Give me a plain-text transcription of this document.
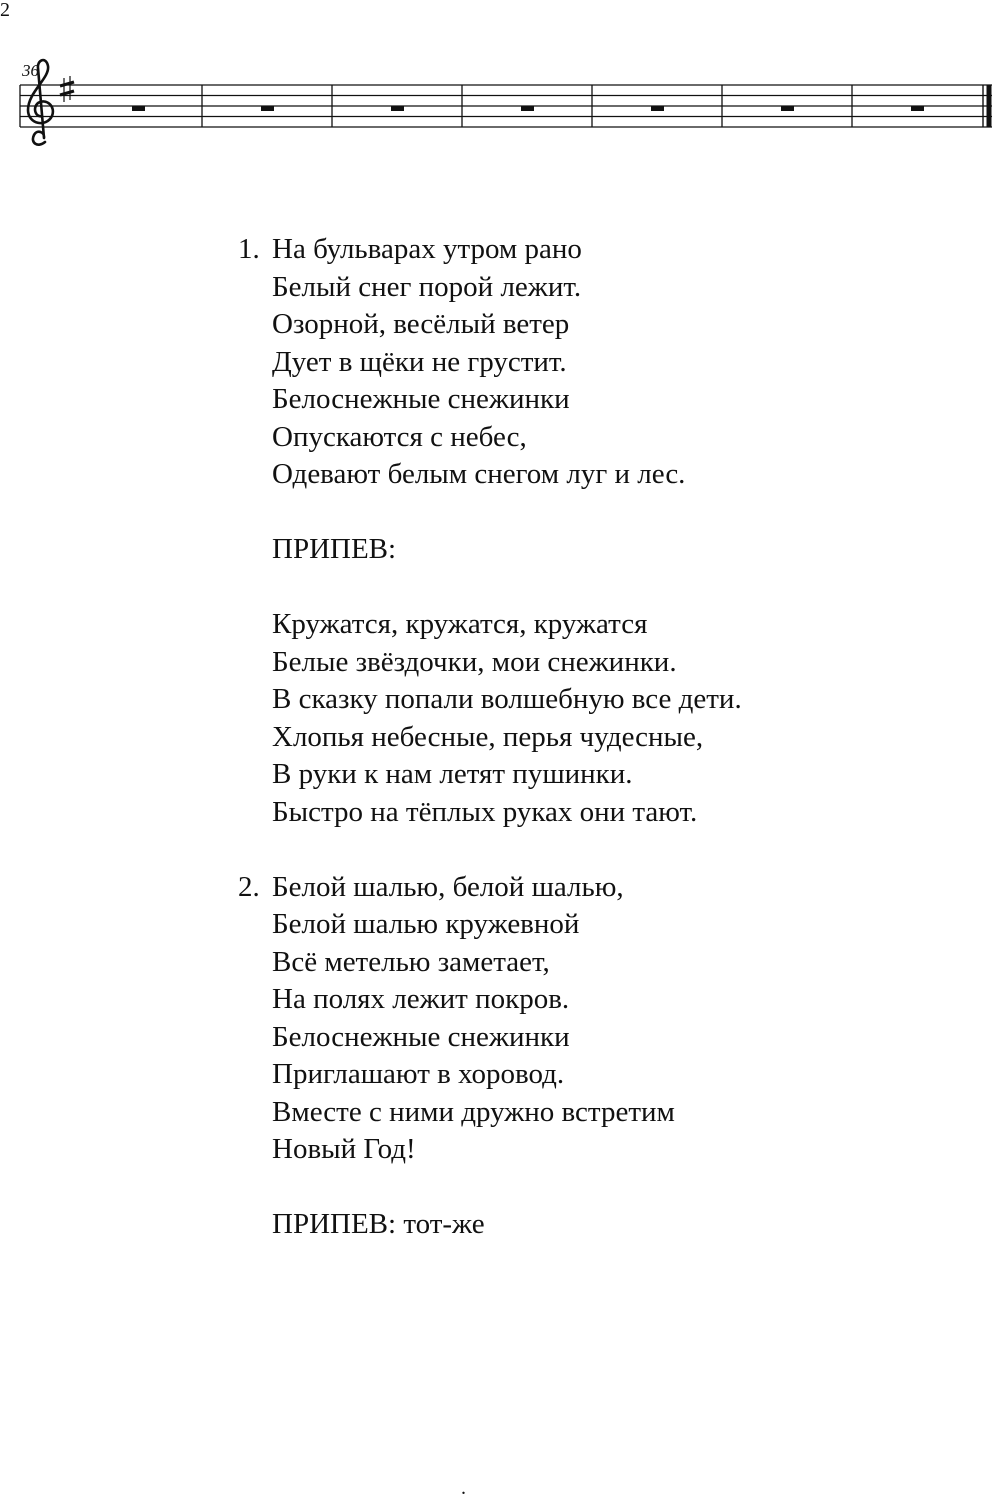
2
36
1. На бульварах утром рано
Белый снег порой лежит.
Озорной, весёлый ветер
Дует в щёки не грустит.
Белоснежные снежинки
Опускаются с небес,
Одевают белым снегом луг и лес.
ПРИПЕВ:
Кружатся, кружатся, кружатся
Белые звёздочки, мои снежинки.
В сказку попали волшебную все дети.
Хлопья небесные, перья чудесные,
В руки к нам летят пушинки.
Быстро на тёплых руках они тают.
2. Белой шалью, белой шалью,
Белой шалью кружевной
Всё метелью заметает,
На полях лежит покров.
Белоснежные снежинки
Приглашают в хоровод.
Вместе с ними дружно встретим
Новый Год!
ПРИПЕВ: тот-же
.
